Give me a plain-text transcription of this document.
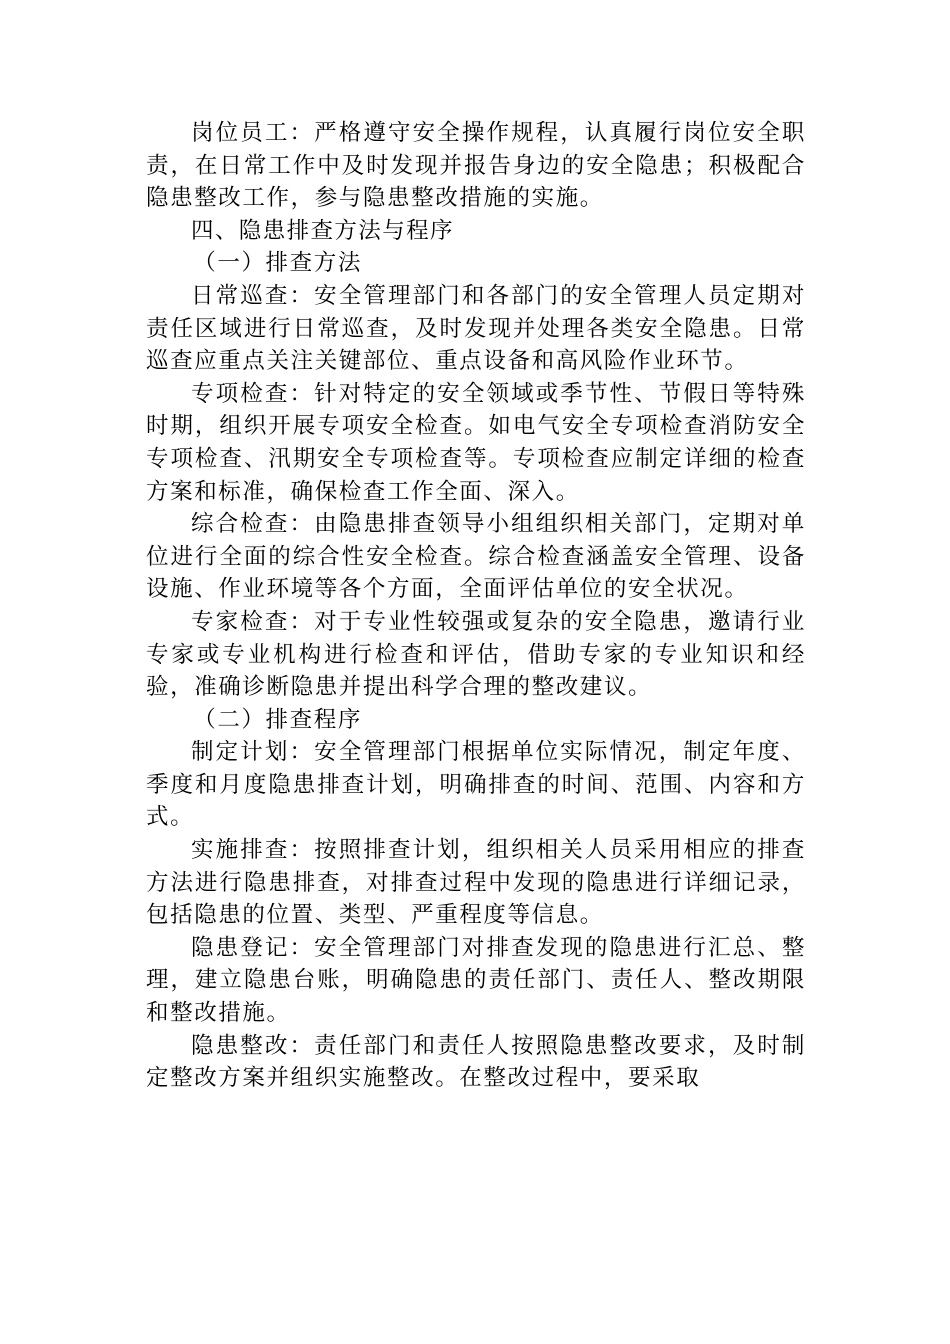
岗位员工：严格遵守安全操作规程，认真履行岗位安全职责，在日常工作中及时发现并报告身边的安全隐患；积极配合隐患整改工作，参与隐患整改措施的实施。

四、隐患排查方法与程序
（一）排查方法

日常巡查：安全管理部门和各部门的安全管理人员定期对责任区域进行日常巡查，及时发现并处理各类安全隐患。日常巡查应重点关注关键部位、重点设备和高风险作业环节。

专项检查：针对特定的安全领域或季节性、节假日等特殊时期，组织开展专项安全检查。如电气安全专项检查消防安全专项检查、汛期安全专项检查等。专项检查应制定详细的检查方案和标准，确保检查工作全面、深入。

综合检查：由隐患排查领导小组组织相关部门，定期对单位进行全面的综合性安全检查。综合检查涵盖安全管理、设备设施、作业环境等各个方面，全面评估单位的安全状况。

专家检查：对于专业性较强或复杂的安全隐患，邀请行业专家或专业机构进行检查和评估，借助专家的专业知识和经验，准确诊断隐患并提出科学合理的整改建议。

（二）排查程序

制定计划：安全管理部门根据单位实际情况，制定年度、季度和月度隐患排查计划，明确排查的时间、范围、内容和方式。

实施排查：按照排查计划，组织相关人员采用相应的排查方法进行隐患排查，对排查过程中发现的隐患进行详细记录，包括隐患的位置、类型、严重程度等信息。

隐患登记：安全管理部门对排查发现的隐患进行汇总、整理，建立隐患台账，明确隐患的责任部门、责任人、整改期限和整改措施。

隐患整改：责任部门和责任人按照隐患整改要求，及时制定整改方案并组织实施整改。在整改过程中，要采取
